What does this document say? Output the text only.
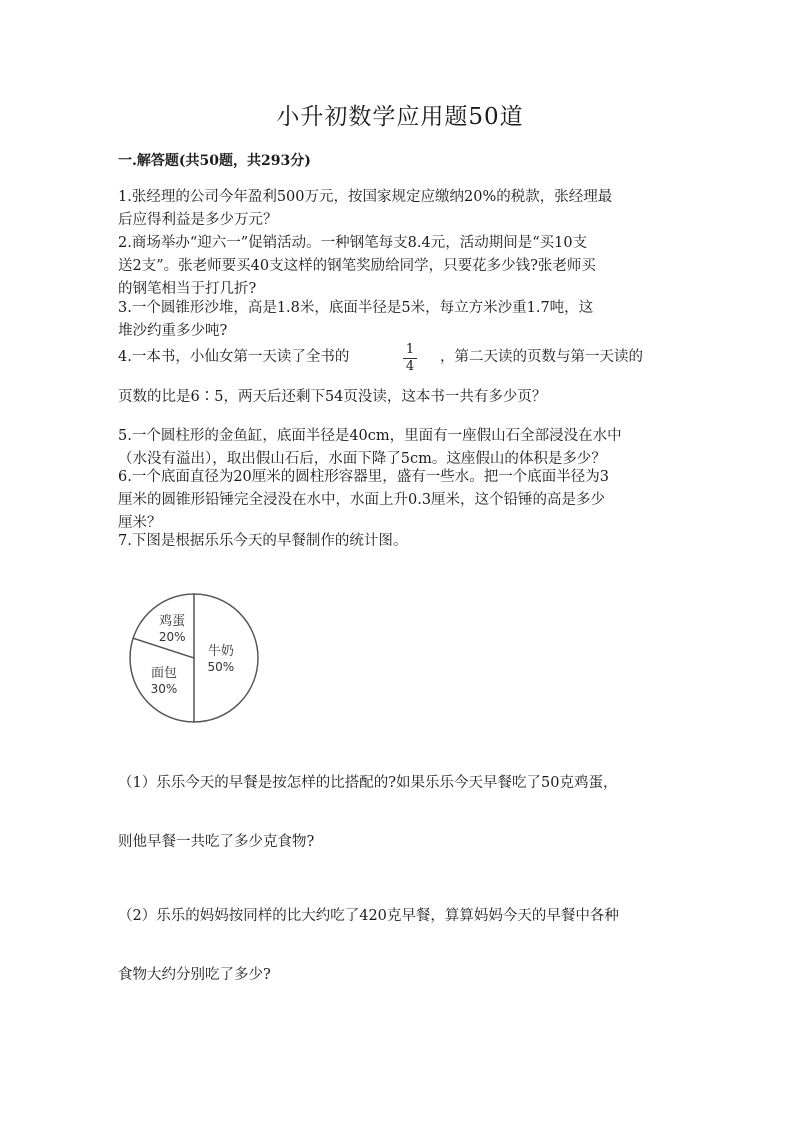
小升初数学应用题50道
一.解答题(共50题，共293分)
1.张经理的公司今年盈利500万元，按国家规定应缴纳20%的税款，张经理最
后应得利益是多少万元？
2.商场举办“迎六一”促销活动。一种钢笔每支8.4元，活动期间是“买10支
送2支”。张老师要买40支这样的钢笔奖励给同学，只要花多少钱?张老师买
的钢笔相当于打几折?
3.一个圆锥形沙堆，高是1.8米，底面半径是5米，每立方米沙重1.7吨，这
堆沙约重多少吨?
4.一本书，小仙女第一天读了全书的	1
4
，第二天读的页数与第一天读的
页数的比是6∶5，两天后还剩下54页没读，这本书一共有多少页？
5.一个圆柱形的金鱼缸，底面半径是40cm，里面有一座假山石全部浸没在水中
（水没有溢出），取出假山石后，水面下降了5cm。这座假山的体积是多少？
6.一个底面直径为20厘米的圆柱形容器里，盛有一些水。把一个底面半径为3
厘米的圆锥形铅锤完全浸没在水中，水面上升0.3厘米，这个铅锤的高是多少
厘米？
7.下图是根据乐乐今天的早餐制作的统计图。
牛奶
50%
面包
30%
鸡蛋
20%
（1）乐乐今天的早餐是按怎样的比搭配的?如果乐乐今天早餐吃了50克鸡蛋，
则他早餐一共吃了多少克食物?
（2）乐乐的妈妈按同样的比大约吃了420克早餐，算算妈妈今天的早餐中各种
食物大约分别吃了多少?
